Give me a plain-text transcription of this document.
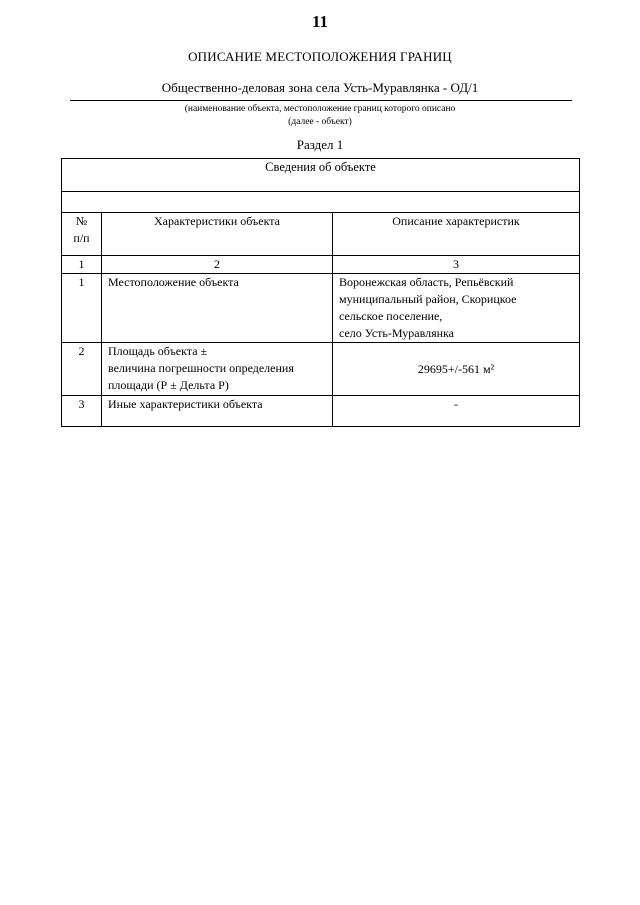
11
ОПИСАНИЕ МЕСТОПОЛОЖЕНИЯ ГРАНИЦ
Общественно-деловая зона села Усть-Муравлянка - ОД/1
(наименование объекта, местоположение границ которого описано
(далее - объект)
Раздел 1
Сведения об объекте		

№
п/п	Характеристики объекта	Описание характеристик
1	2	3
1	Местоположение объекта	Воронежская область, Репьёвский
муниципальный район, Скорицкое
сельское поселение,
село Усть-Муравлянка

2	Площадь объекта ±
величина погрешности определения
площади (Р ± Дельта Р)	29695+/-561 м²

3	Иные характеристики объекта	-
